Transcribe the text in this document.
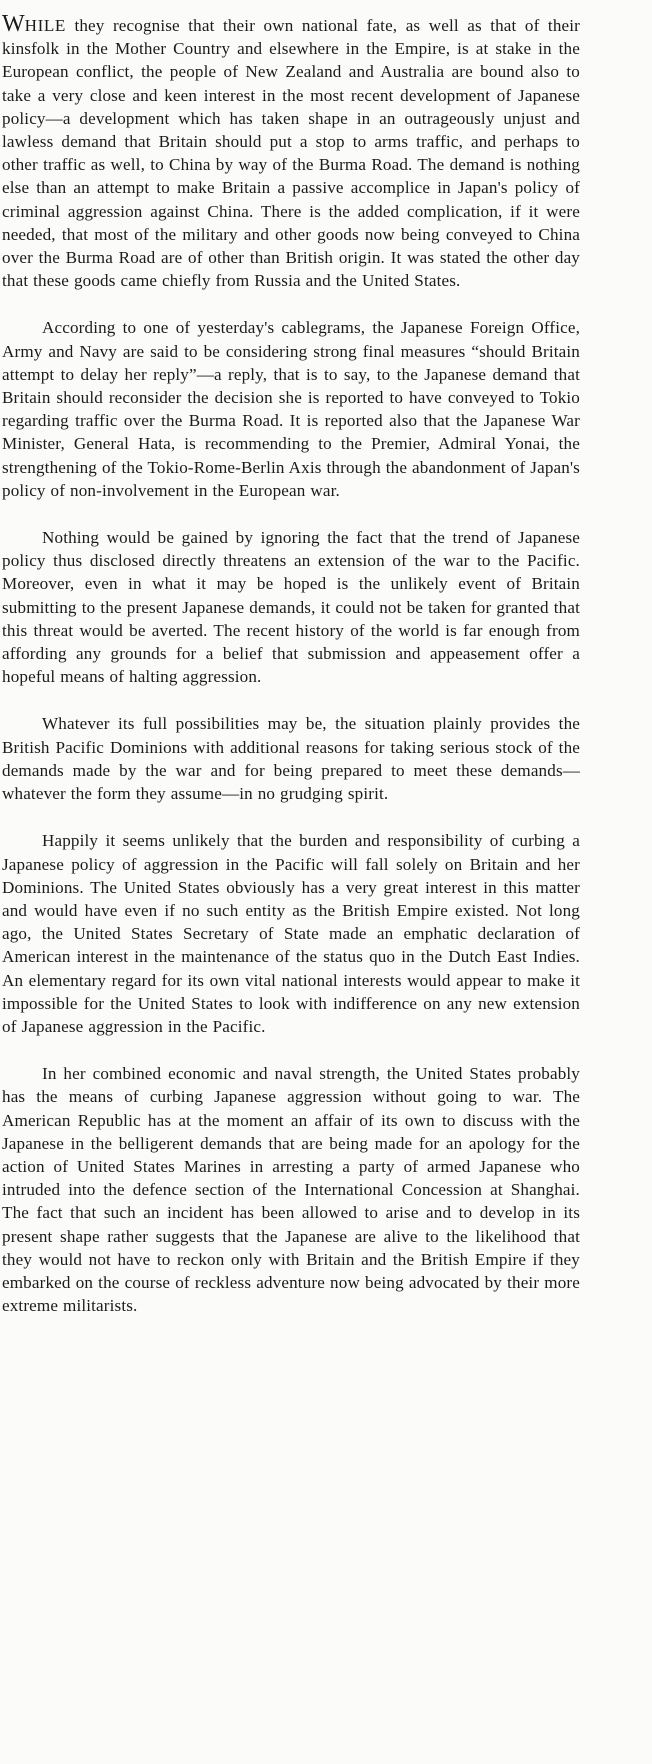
WHILE they recognise that their own national fate, as well as that of their kinsfolk in the Mother Country and elsewhere in the Empire, is at stake in the European conflict, the people of New Zealand and Australia are bound also to take a very close and keen interest in the most recent development of Japanese policy—a development which has taken shape in an outrageously unjust and lawless demand that Britain should put a stop to arms traffic, and perhaps to other traffic as well, to China by way of the Burma Road. The demand is nothing else than an attempt to make Britain a passive accomplice in Japan's policy of criminal aggression against China. There is the added complication, if it were needed, that most of the military and other goods now being conveyed to China over the Burma Road are of other than British origin. It was stated the other day that these goods came chiefly from Russia and the United States.

According to one of yesterday's cablegrams, the Japanese Foreign Office, Army and Navy are said to be considering strong final measures “should Britain attempt to delay her reply”—a reply, that is to say, to the Japanese demand that Britain should reconsider the decision she is reported to have conveyed to Tokio regarding traffic over the Burma Road. It is reported also that the Japanese War Minister, General Hata, is recommending to the Premier, Admiral Yonai, the strengthening of the Tokio-Rome-Berlin Axis through the abandonment of Japan's policy of non-involvement in the European war.

Nothing would be gained by ignoring the fact that the trend of Japanese policy thus disclosed directly threatens an extension of the war to the Pacific. Moreover, even in what it may be hoped is the unlikely event of Britain submitting to the present Japanese demands, it could not be taken for granted that this threat would be averted. The recent history of the world is far enough from affording any grounds for a belief that submission and appeasement offer a hopeful means of halting aggression.

Whatever its full possibilities may be, the situation plainly provides the British Pacific Dominions with additional reasons for taking serious stock of the demands made by the war and for being prepared to meet these demands—whatever the form they assume—in no grudging spirit.

Happily it seems unlikely that the burden and responsibility of curbing a Japanese policy of aggression in the Pacific will fall solely on Britain and her Dominions. The United States obviously has a very great interest in this matter and would have even if no such entity as the British Empire existed. Not long ago, the United States Secretary of State made an emphatic declaration of American interest in the maintenance of the status quo in the Dutch East Indies. An elementary regard for its own vital national interests would appear to make it impossible for the United States to look with indifference on any new extension of Japanese aggression in the Pacific.

In her combined economic and naval strength, the United States probably has the means of curbing Japanese aggression without going to war. The American Republic has at the moment an affair of its own to discuss with the Japanese in the belligerent demands that are being made for an apology for the action of United States Marines in arresting a party of armed Japanese who intruded into the defence section of the International Concession at Shanghai. The fact that such an incident has been allowed to arise and to develop in its present shape rather suggests that the Japanese are alive to the likelihood that they would not have to reckon only with Britain and the British Empire if they embarked on the course of reckless adventure now being advocated by their more extreme militarists.
